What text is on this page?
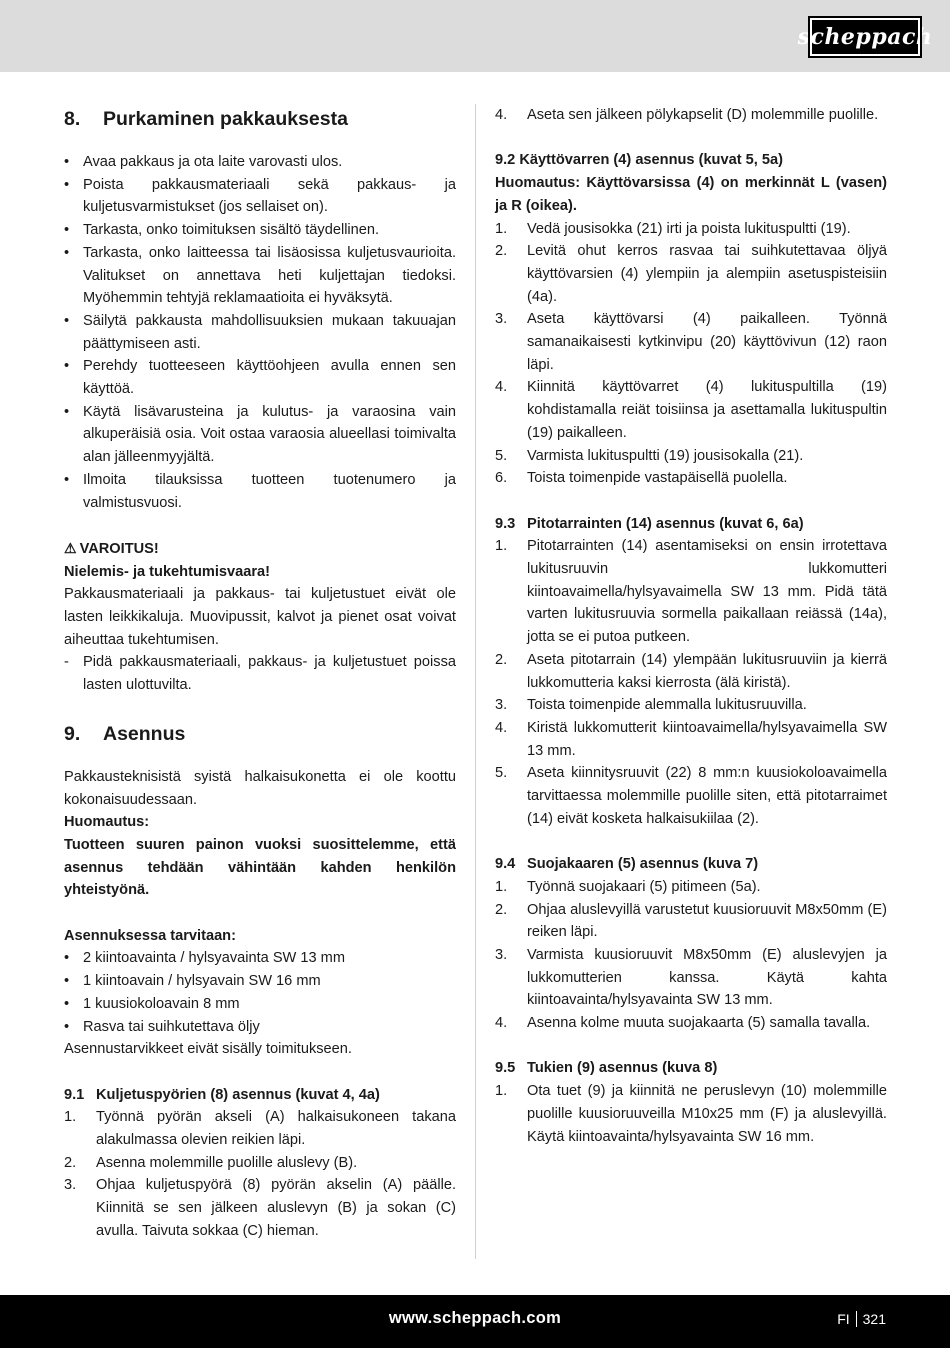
scheppach
8.	Purkaminen pakkauksesta
• Avaa pakkaus ja ota laite varovasti ulos.
• Poista pakkausmateriaali sekä pakkaus- ja kuljetusvarmistukset (jos sellaiset on).
• Tarkasta, onko toimituksen sisältö täydellinen.
• Tarkasta, onko laitteessa tai lisäosissa kuljetusvaurioita. Valitukset on annettava heti kuljettajan tiedoksi. Myöhemmin tehtyjä reklamaatioita ei hyväksytä.
• Säilytä pakkausta mahdollisuuksien mukaan takuuajan päättymiseen asti.
• Perehdy tuotteeseen käyttöohjeen avulla ennen sen käyttöä.
• Käytä lisävarusteina ja kulutus- ja varaosina vain alkuperäisiä osia. Voit ostaa varaosia alueellasi toimivalta alan jälleenmyyjältä.
• Ilmoita tilauksissa tuotteen tuotenumero ja valmistusvuosi.

⚠ VAROITUS!

Nielemis- ja tukehtumisvaara!

Pakkausmateriaali ja pakkaus- tai kuljetustuet eivät ole lasten leikkikaluja. Muovipussit, kalvot ja pienet osat voivat aiheuttaa tukehtumisen.

- Pidä pakkausmateriaali, pakkaus- ja kuljetustuet poissa lasten ulottuvilta.
9.	Asennus

Pakkausteknisistä syistä halkaisukonetta ei ole koottu kokonaisuudessaan.

Huomautus:

Tuotteen suuren painon vuoksi suosittelemme, että asennus tehdään vähintään kahden henkilön yhteistyönä.

Asennuksessa tarvitaan:

• 2 kiintoavainta / hylsyavainta SW 13 mm
• 1 kiintoavain / hylsyavain SW 16 mm
• 1 kuusiokoloavain 8 mm
• Rasva tai suihkutettava öljy

Asennustarvikkeet eivät sisälly toimitukseen.

9.1 Kuljetuspyörien (8) asennus (kuvat 4, 4a)
1. Työnnä pyörän akseli (A) halkaisukoneen takana alakulmassa olevien reikien läpi.
2. Asenna molemmille puolille aluslevy (B).
3. Ohjaa kuljetuspyörä (8) pyörän akselin (A) päälle. Kiinnitä se sen jälkeen aluslevyn (B) ja sokan (C) avulla. Taivuta sokkaa (C) hieman.
4. Aseta sen jälkeen pölykapselit (D) molemmille puolille.

9.2 Käyttövarren (4) asennus (kuvat 5, 5a)

Huomautus: Käyttövarsissa (4) on merkinnät L (vasen) ja R (oikea).

1. Vedä jousisokka (21) irti ja poista lukituspultti (19).
2. Levitä ohut kerros rasvaa tai suihkutettavaa öljyä käyttövarsien (4) ylempiin ja alempiin asetuspisteisiin (4a).
3. Aseta käyttövarsi (4) paikalleen. Työnnä samanaikaisesti kytkinvipu (20) käyttövivun (12) raon läpi.
4. Kiinnitä käyttövarret (4) lukituspultilla (19) kohdistamalla reiät toisiinsa ja asettamalla lukituspultin (19) paikalleen.
5. Varmista lukituspultti (19) jousisokalla (21).
6. Toista toimenpide vastapäisellä puolella.
9.3 Pitotarrainten (14) asennus (kuvat 6, 6a)
1. Pitotarrainten (14) asentamiseksi on ensin irrotettava lukitusruuvin lukkomutteri kiintoavaimella/hylsyavaimella SW 13 mm. Pidä tätä varten lukitusruuvia sormella paikallaan reiässä (14a), jotta se ei putoa putkeen.
2. Aseta pitotarrain (14) ylempään lukitusruuviin ja kierrä lukkomutteria kaksi kierrosta (älä kiristä).
3. Toista toimenpide alemmalla lukitusruuvilla.
4. Kiristä lukkomutterit kiintoavaimella/hylsyavaimella SW 13 mm.
5. Aseta kiinnitysruuvit (22) 8 mm:n kuusiokoloavaimella tarvittaessa molemmille puolille siten, että pitotarraimet (14) eivät kosketa halkaisukiilaa (2).
9.4 Suojakaaren (5) asennus (kuva 7)
1. Työnnä suojakaari (5) pitimeen (5a).
2. Ohjaa aluslevyillä varustetut kuusioruuvit M8x50mm (E) reiken läpi.
3. Varmista kuusioruuvit M8x50mm (E) aluslevyjen ja lukkomutterien kanssa. Käytä kahta kiintoavainta/hylsyavainta SW 13 mm.
4. Asenna kolme muuta suojakaarta (5) samalla tavalla.
9.5 Tukien (9) asennus (kuva 8)
1. Ota tuet (9) ja kiinnitä ne peruslevyn (10) molemmille puolille kuusioruuveilla M10x25 mm (F) ja aluslevyillä. Käytä kiintoavainta/hylsyavainta SW 16 mm.
www.scheppach.com	FI 321
